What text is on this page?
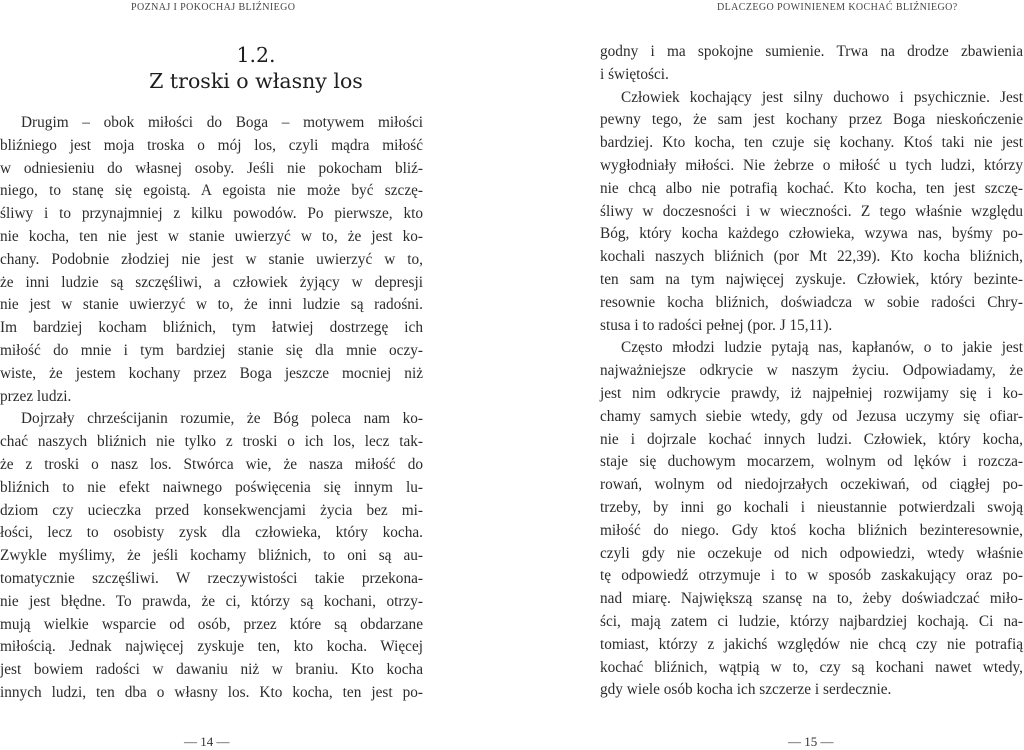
POZNAJ I POKOCHAJ BLIŹNIEGO
1.2.
Z troski o własny los
Drugim – obok miłości do Boga – motywem miłości
bliźniego jest moja troska o mój los, czyli mądra miłość
w odniesieniu do własnej osoby. Jeśli nie pokocham bliź-
niego, to stanę się egoistą. A egoista nie może być szczę-
śliwy i to przynajmniej z kilku powodów. Po pierwsze, kto
nie kocha, ten nie jest w stanie uwierzyć w to, że jest ko-
chany. Podobnie złodziej nie jest w stanie uwierzyć w to,
że inni ludzie są szczęśliwi, a człowiek żyjący w depresji
nie jest w stanie uwierzyć w to, że inni ludzie są radośni.
Im bardziej kocham bliźnich, tym łatwiej dostrzegę ich
miłość do mnie i tym bardziej stanie się dla mnie oczy-
wiste, że jestem kochany przez Boga jeszcze mocniej niż
przez ludzi.
Dojrzały chrześcijanin rozumie, że Bóg poleca nam ko-
chać naszych bliźnich nie tylko z troski o ich los, lecz tak-
że z troski o nasz los. Stwórca wie, że nasza miłość do
bliźnich to nie efekt naiwnego poświęcenia się innym lu-
dziom czy ucieczka przed konsekwencjami życia bez mi-
łości, lecz to osobisty zysk dla człowieka, który kocha.
Zwykle myślimy, że jeśli kochamy bliźnich, to oni są au-
tomatycznie szczęśliwi. W rzeczywistości takie przekona-
nie jest błędne. To prawda, że ci, którzy są kochani, otrzy-
mują wielkie wsparcie od osób, przez które są obdarzane
miłością. Jednak najwięcej zyskuje ten, kto kocha. Więcej
jest bowiem radości w dawaniu niż w braniu. Kto kocha
innych ludzi, ten dba o własny los. Kto kocha, ten jest po-
— 14 —
DLACZEGO POWINIENEM KOCHAĆ BLIŹNIEGO?
godny i ma spokojne sumienie. Trwa na drodze zbawienia
i świętości.
Człowiek kochający jest silny duchowo i psychicznie. Jest
pewny tego, że sam jest kochany przez Boga nieskończenie
bardziej. Kto kocha, ten czuje się kochany. Ktoś taki nie jest
wygłodniały miłości. Nie żebrze o miłość u tych ludzi, którzy
nie chcą albo nie potrafią kochać. Kto kocha, ten jest szczę-
śliwy w doczesności i w wieczności. Z tego właśnie względu
Bóg, który kocha każdego człowieka, wzywa nas, byśmy po-
kochali naszych bliźnich (por Mt 22,39). Kto kocha bliźnich,
ten sam na tym najwięcej zyskuje. Człowiek, który bezinte-
resownie kocha bliźnich, doświadcza w sobie radości Chry-
stusa i to radości pełnej (por. J 15,11).
Często młodzi ludzie pytają nas, kapłanów, o to jakie jest
najważniejsze odkrycie w naszym życiu. Odpowiadamy, że
jest nim odkrycie prawdy, iż najpełniej rozwijamy się i ko-
chamy samych siebie wtedy, gdy od Jezusa uczymy się ofiar-
nie i dojrzale kochać innych ludzi. Człowiek, który kocha,
staje się duchowym mocarzem, wolnym od lęków i rozcza-
rowań, wolnym od niedojrzałych oczekiwań, od ciągłej po-
trzeby, by inni go kochali i nieustannie potwierdzali swoją
miłość do niego. Gdy ktoś kocha bliźnich bezinteresownie,
czyli gdy nie oczekuje od nich odpowiedzi, wtedy właśnie
tę odpowiedź otrzymuje i to w sposób zaskakujący oraz po-
nad miarę. Największą szansę na to, żeby doświadczać miło-
ści, mają zatem ci ludzie, którzy najbardziej kochają. Ci na-
tomiast, którzy z jakichś względów nie chcą czy nie potrafią
kochać bliźnich, wątpią w to, czy są kochani nawet wtedy,
gdy wiele osób kocha ich szczerze i serdecznie.
— 15 —
